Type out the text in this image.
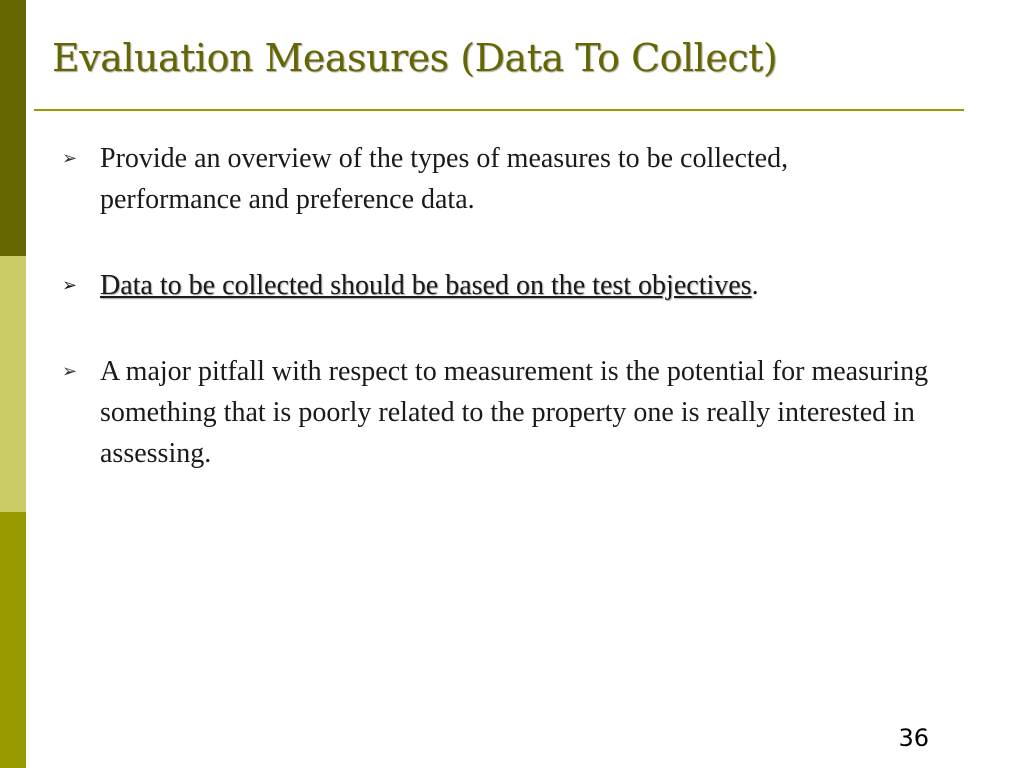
Evaluation Measures (Data To Collect)
➢ Provide an overview of the types of measures to be collected, performance and preference data.
➢ Data to be collected should be based on the test objectives.
➢ A major pitfall with respect to measurement is the potential for measuring something that is poorly related to the property one is really interested in assessing.
36
